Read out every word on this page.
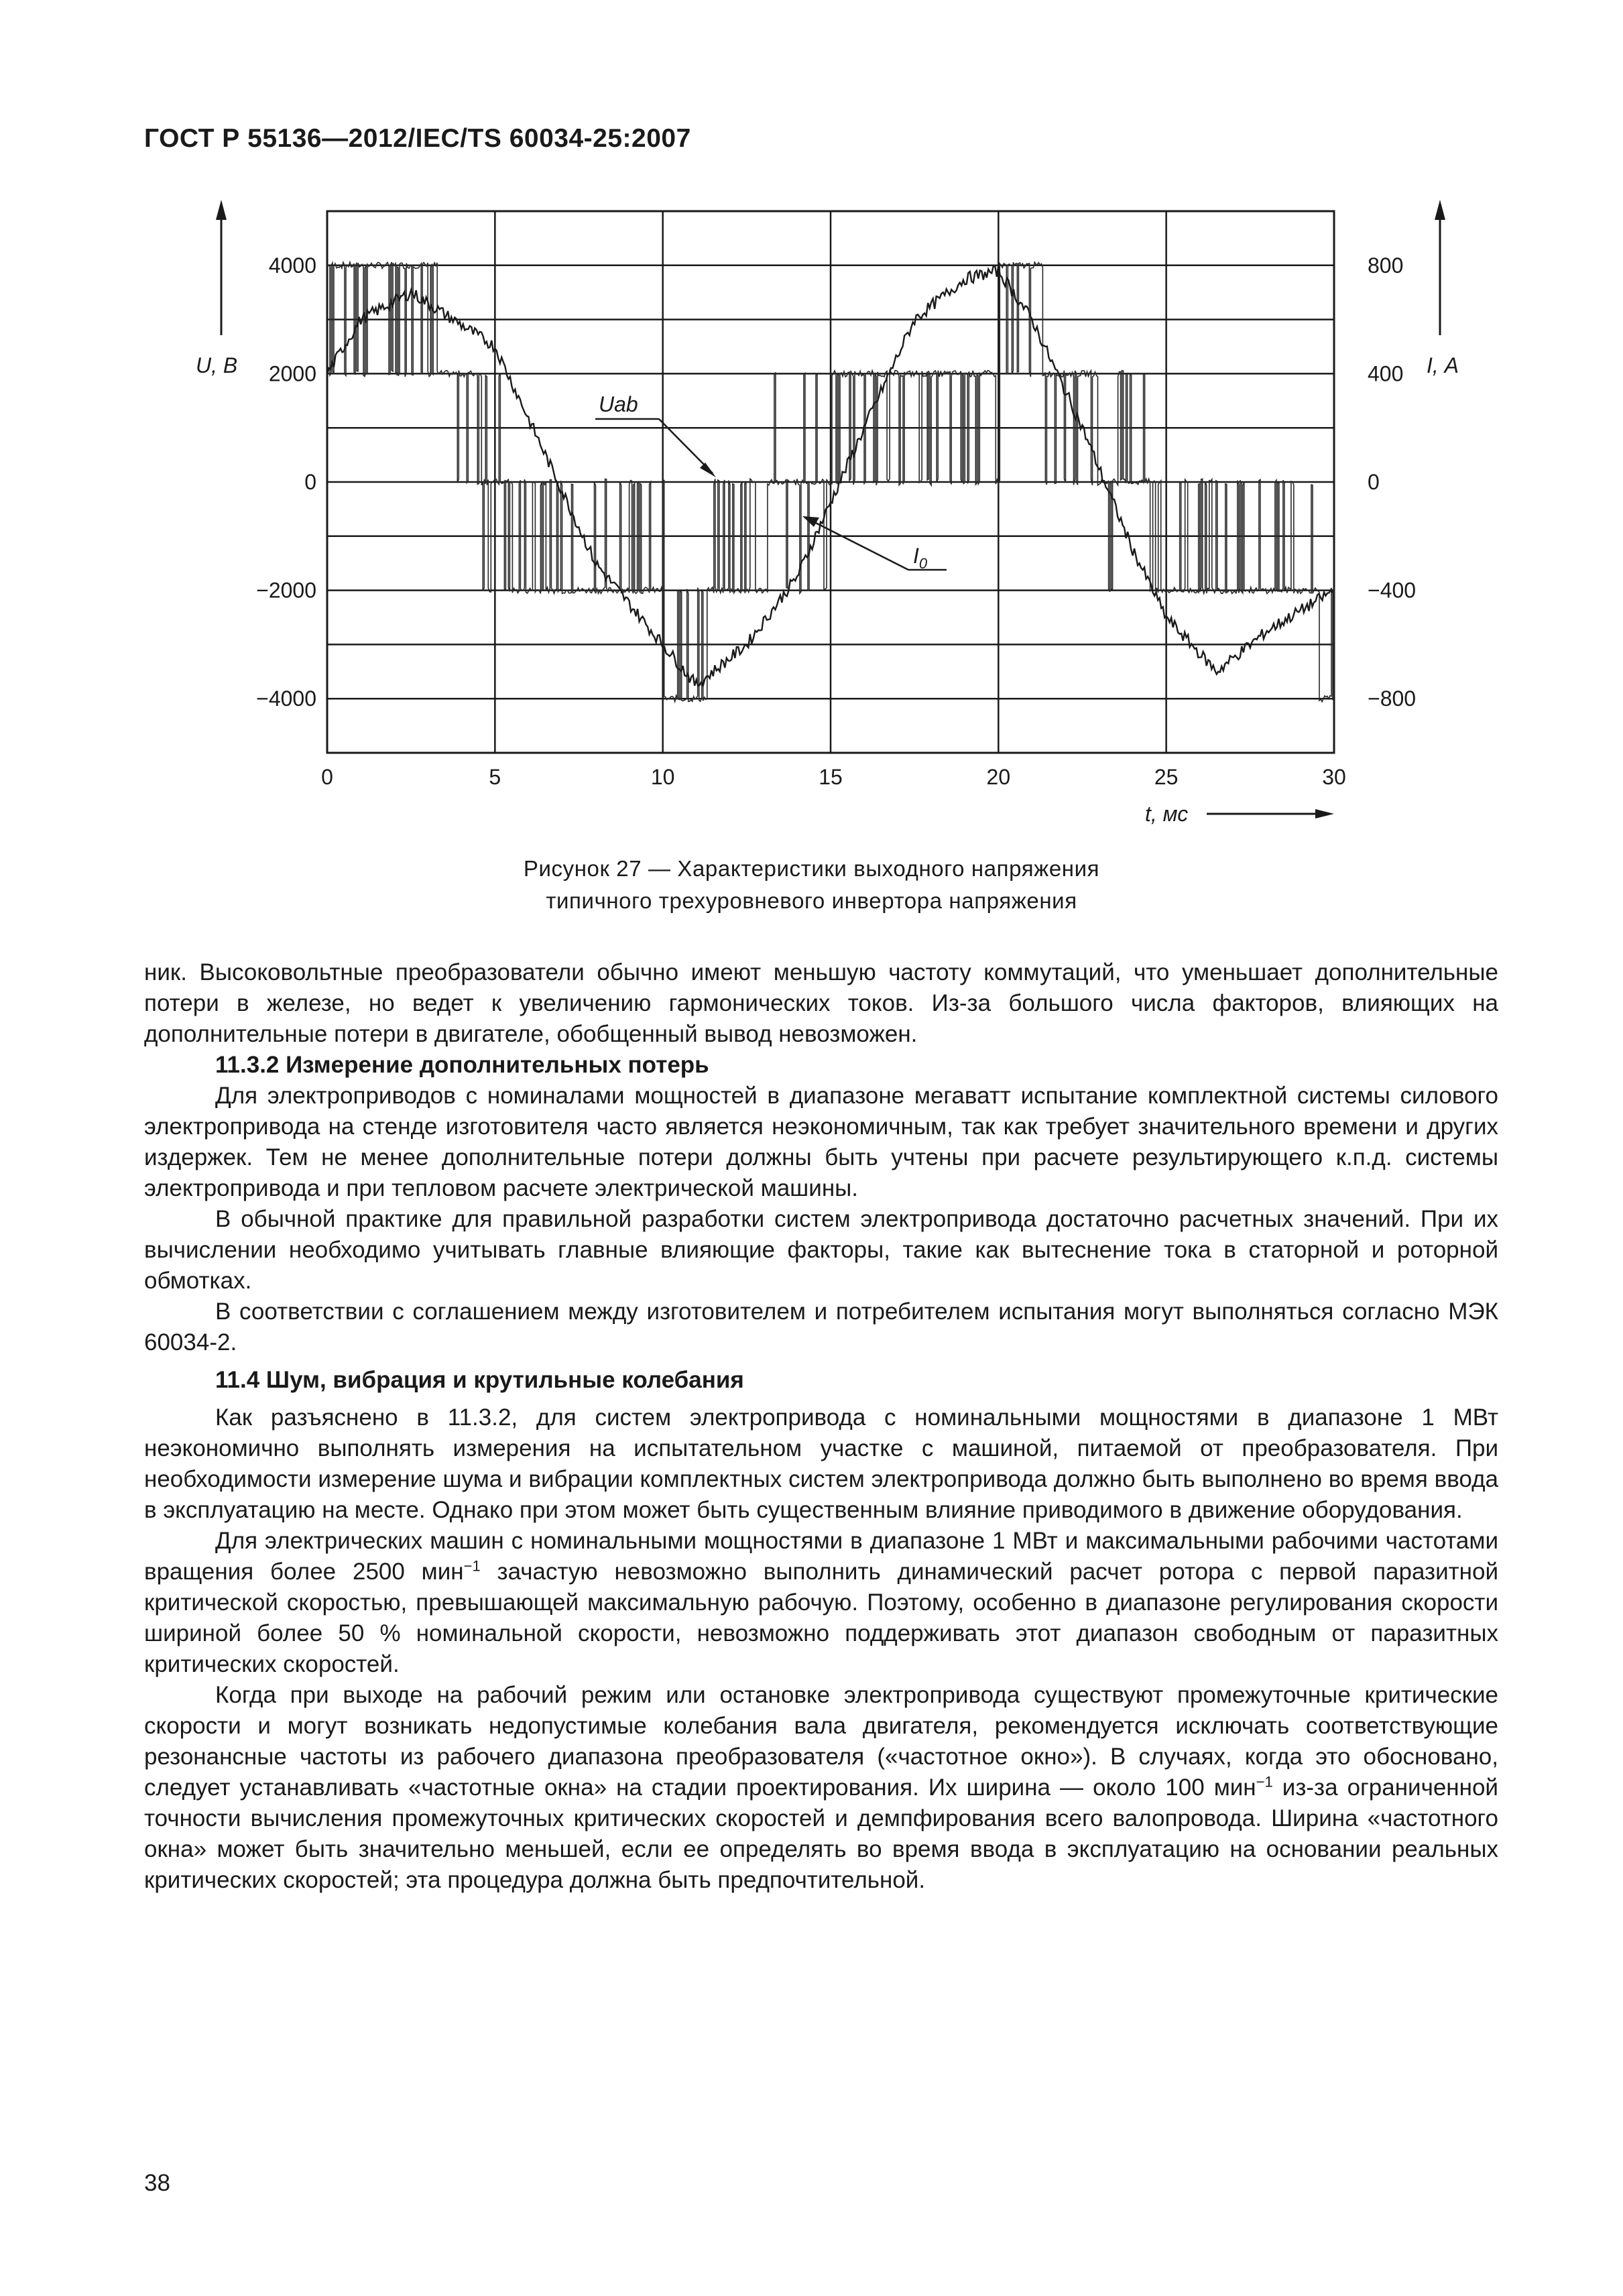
ГОСТ Р 55136—2012/IEC/TS 60034-25:2007
4000
2000
0
−2000
−4000
800
400
0
−400
−800
0	5	10	15	20	25	30
U, В	I, А
t, мс
Uab
$I_0$
Рисунок 27 — Характеристики выходного напряжения
типичного трехуровневого инвертора напряжения

ник. Высоковольтные преобразователи обычно имеют меньшую частоту коммутаций, что уменьшает дополнительные потери в железе, но ведет к увеличению гармонических токов. Из-за большого числа факторов, влияющих на дополнительные потери в двигателе, обобщенный вывод невозможен.

11.3.2 Измерение дополнительных потерь

Для электроприводов с номиналами мощностей в диапазоне мегаватт испытание комплектной системы силового электропривода на стенде изготовителя часто является неэкономичным, так как требует значительного времени и других издержек. Тем не менее дополнительные потери должны быть учтены при расчете результирующего к.п.д. системы электропривода и при тепловом расчете электрической машины.

В обычной практике для правильной разработки систем электропривода достаточно расчетных значений. При их вычислении необходимо учитывать главные влияющие факторы, такие как вытеснение тока в статорной и роторной обмотках.

В соответствии с соглашением между изготовителем и потребителем испытания могут выполняться согласно МЭК 60034-2.

11.4 Шум, вибрация и крутильные колебания

Как разъяснено в 11.3.2, для систем электропривода с номинальными мощностями в диапазоне 1 МВт неэкономично выполнять измерения на испытательном участке с машиной, питаемой от преобразователя. При необходимости измерение шума и вибрации комплектных систем электропривода должно быть выполнено во время ввода в эксплуатацию на месте. Однако при этом может быть существенным влияние приводимого в движение оборудования.

Для электрических машин с номинальными мощностями в диапазоне 1 МВт и максимальными рабочими частотами вращения более 2500 мин$^{-1}$ зачастую невозможно выполнить динамический расчет ротора с первой паразитной критической скоростью, превышающей максимальную рабочую. Поэтому, особенно в диапазоне регулирования скорости шириной более 50 % номинальной скорости, невозможно поддерживать этот диапазон свободным от паразитных критических скоростей.

Когда при выходе на рабочий режим или остановке электропривода существуют промежуточные критические скорости и могут возникать недопустимые колебания вала двигателя, рекомендуется исключать соответствующие резонансные частоты из рабочего диапазона преобразователя («частотное окно»). В случаях, когда это обосновано, следует устанавливать «частотные окна» на стадии проектирования. Их ширина — около 100 мин$^{-1}$ из-за ограниченной точности вычисления промежуточных критических скоростей и демпфирования всего валопровода. Ширина «частотного окна» может быть значительно меньшей, если ее определять во время ввода в эксплуатацию на основании реальных критических скоростей; эта процедура должна быть предпочтительной.

38
